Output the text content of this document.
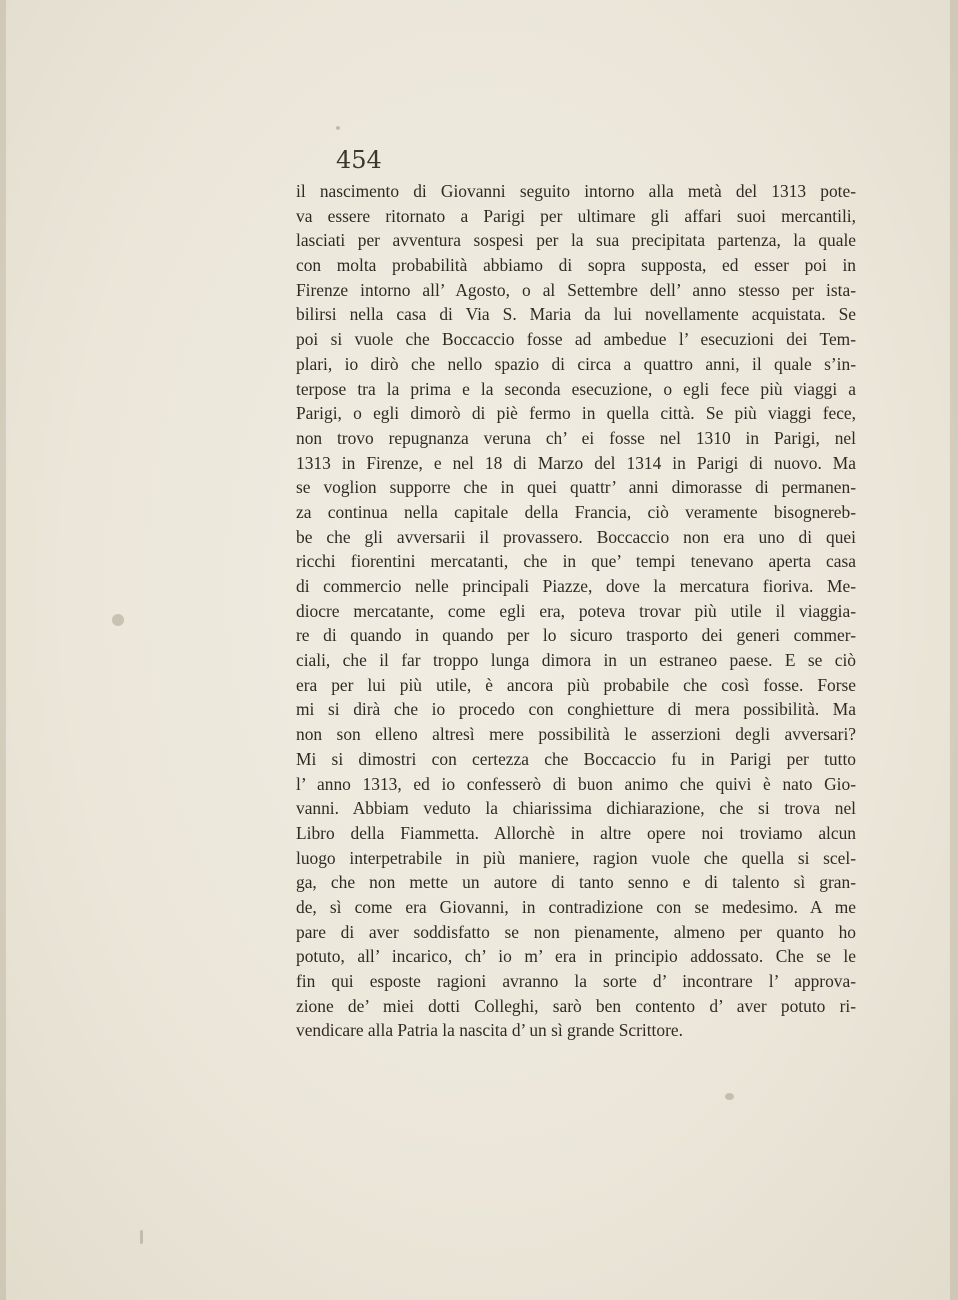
454
il nascimento di Giovanni seguito intorno alla metà del 1313 pote-
va essere ritornato a Parigi per ultimare gli affari suoi mercantili,
lasciati per avventura sospesi per la sua precipitata partenza, la quale
con molta probabilità abbiamo di sopra supposta, ed esser poi in
Firenze intorno all’ Agosto, o al Settembre dell’ anno stesso per ista-
bilirsi nella casa di Via S. Maria da lui novellamente acquistata. Se
poi si vuole che Boccaccio fosse ad ambedue l’ esecuzioni dei Tem-
plari, io dirò che nello spazio di circa a quattro anni, il quale s’in-
terpose tra la prima e la seconda esecuzione, o egli fece più viaggi a
Parigi, o egli dimorò di piè fermo in quella città. Se più viaggi fece,
non trovo repugnanza veruna ch’ ei fosse nel 1310 in Parigi, nel
1313 in Firenze, e nel 18 di Marzo del 1314 in Parigi di nuovo. Ma
se voglion supporre che in quei quattr’ anni dimorasse di permanen-
za continua nella capitale della Francia, ciò veramente bisognereb-
be che gli avversarii il provassero. Boccaccio non era uno di quei
ricchi fiorentini mercatanti, che in que’ tempi tenevano aperta casa
di commercio nelle principali Piazze, dove la mercatura fioriva. Me-
diocre mercatante, come egli era, poteva trovar più utile il viaggia-
re di quando in quando per lo sicuro trasporto dei generi commer-
ciali, che il far troppo lunga dimora in un estraneo paese. E se ciò
era per lui più utile, è ancora più probabile che così fosse. Forse
mi si dirà che io procedo con conghietture di mera possibilità. Ma
non son elleno altresì mere possibilità le asserzioni degli avversari?
Mi si dimostri con certezza che Boccaccio fu in Parigi per tutto
l’ anno 1313, ed io confesserò di buon animo che quivi è nato Gio-
vanni. Abbiam veduto la chiarissima dichiarazione, che si trova nel
Libro della Fiammetta. Allorchè in altre opere noi troviamo alcun
luogo interpetrabile in più maniere, ragion vuole che quella si scel-
ga, che non mette un autore di tanto senno e di talento sì gran-
de, sì come era Giovanni, in contradizione con se medesimo. A me
pare di aver soddisfatto se non pienamente, almeno per quanto ho
potuto, all’ incarico, ch’ io m’ era in principio addossato. Che se le
fin qui esposte ragioni avranno la sorte d’ incontrare l’ approva-
zione de’ miei dotti Colleghi, sarò ben contento d’ aver potuto ri-
vendicare alla Patria la nascita d’ un sì grande Scrittore.
